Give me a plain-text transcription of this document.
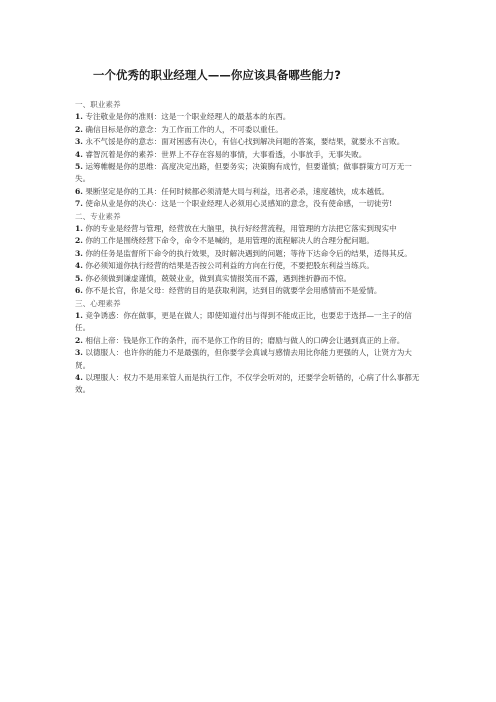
一个优秀的职业经理人——你应该具备哪些能力?

一、职业素养

1. 专注敬业是你的准则：这是一个职业经理人的最基本的东西。

2. 确信目标是你的意念：为工作而工作的人，不可委以重任。

3. 永不气馁是你的意志：面对困惑有决心，有信心找到解决问题的答案，要结果，就要永不言败。

4. 睿智沉着是你的素养：世界上不存在容易的事情，大事看透，小事放手，无事失败。

5. 运筹帷幄是你的思维：高度决定出路，但要务实；决策胸有成竹，但要谨慎；做事群策方可万无一失。

6. 果断坚定是你的工具：任何时候都必须清楚大局与利益，迅者必杀，速度越快，成本越低。

7. 使命从业是你的决心：这是一个职业经理人必须用心灵感知的意念，没有使命感，一切徒劳!

二、专业素养

1. 你的专业是经营与管理，经营放在大脑里，执行好经营流程，用管理的方法把它落实到现实中

2. 你的工作是围绕经营下命令，命令不是喊的，是用管理的流程解决人的合理分配问题。

3. 你的任务是监督所下命令的执行效果，及时解决遇到的问题；等待下达命令后的结果，适得其反。

4. 你必须知道你执行经营的结果是否按公司利益的方向在行使，不要把股东利益当练兵。

5. 你必须做到谦虚谨慎，兢兢业业，做到真实情报笑而不露，遇到挫折静而不惊。

6. 你不是长官，你是父母：经营的目的是获取利润，达到目的就要学会用感情而不是爱情。

三、心理素养

1. 竞争诱惑：你在做事，更是在做人；即使知道付出与得到不能成正比，也要忠于选择—一主子的信任。

2. 相信上帝：钱是你工作的条件，而不是你工作的目的；磨励与做人的口碑会让遇到真正的上帝。

3. 以德服人：也许你的能力不是最强的，但你要学会真诚与感情去用比你能力更强的人，让贤方为大贤。

4. 以理服人：权力不是用来管人而是执行工作，不仅学会听对的，还要学会听错的，心病了什么事都无效。
